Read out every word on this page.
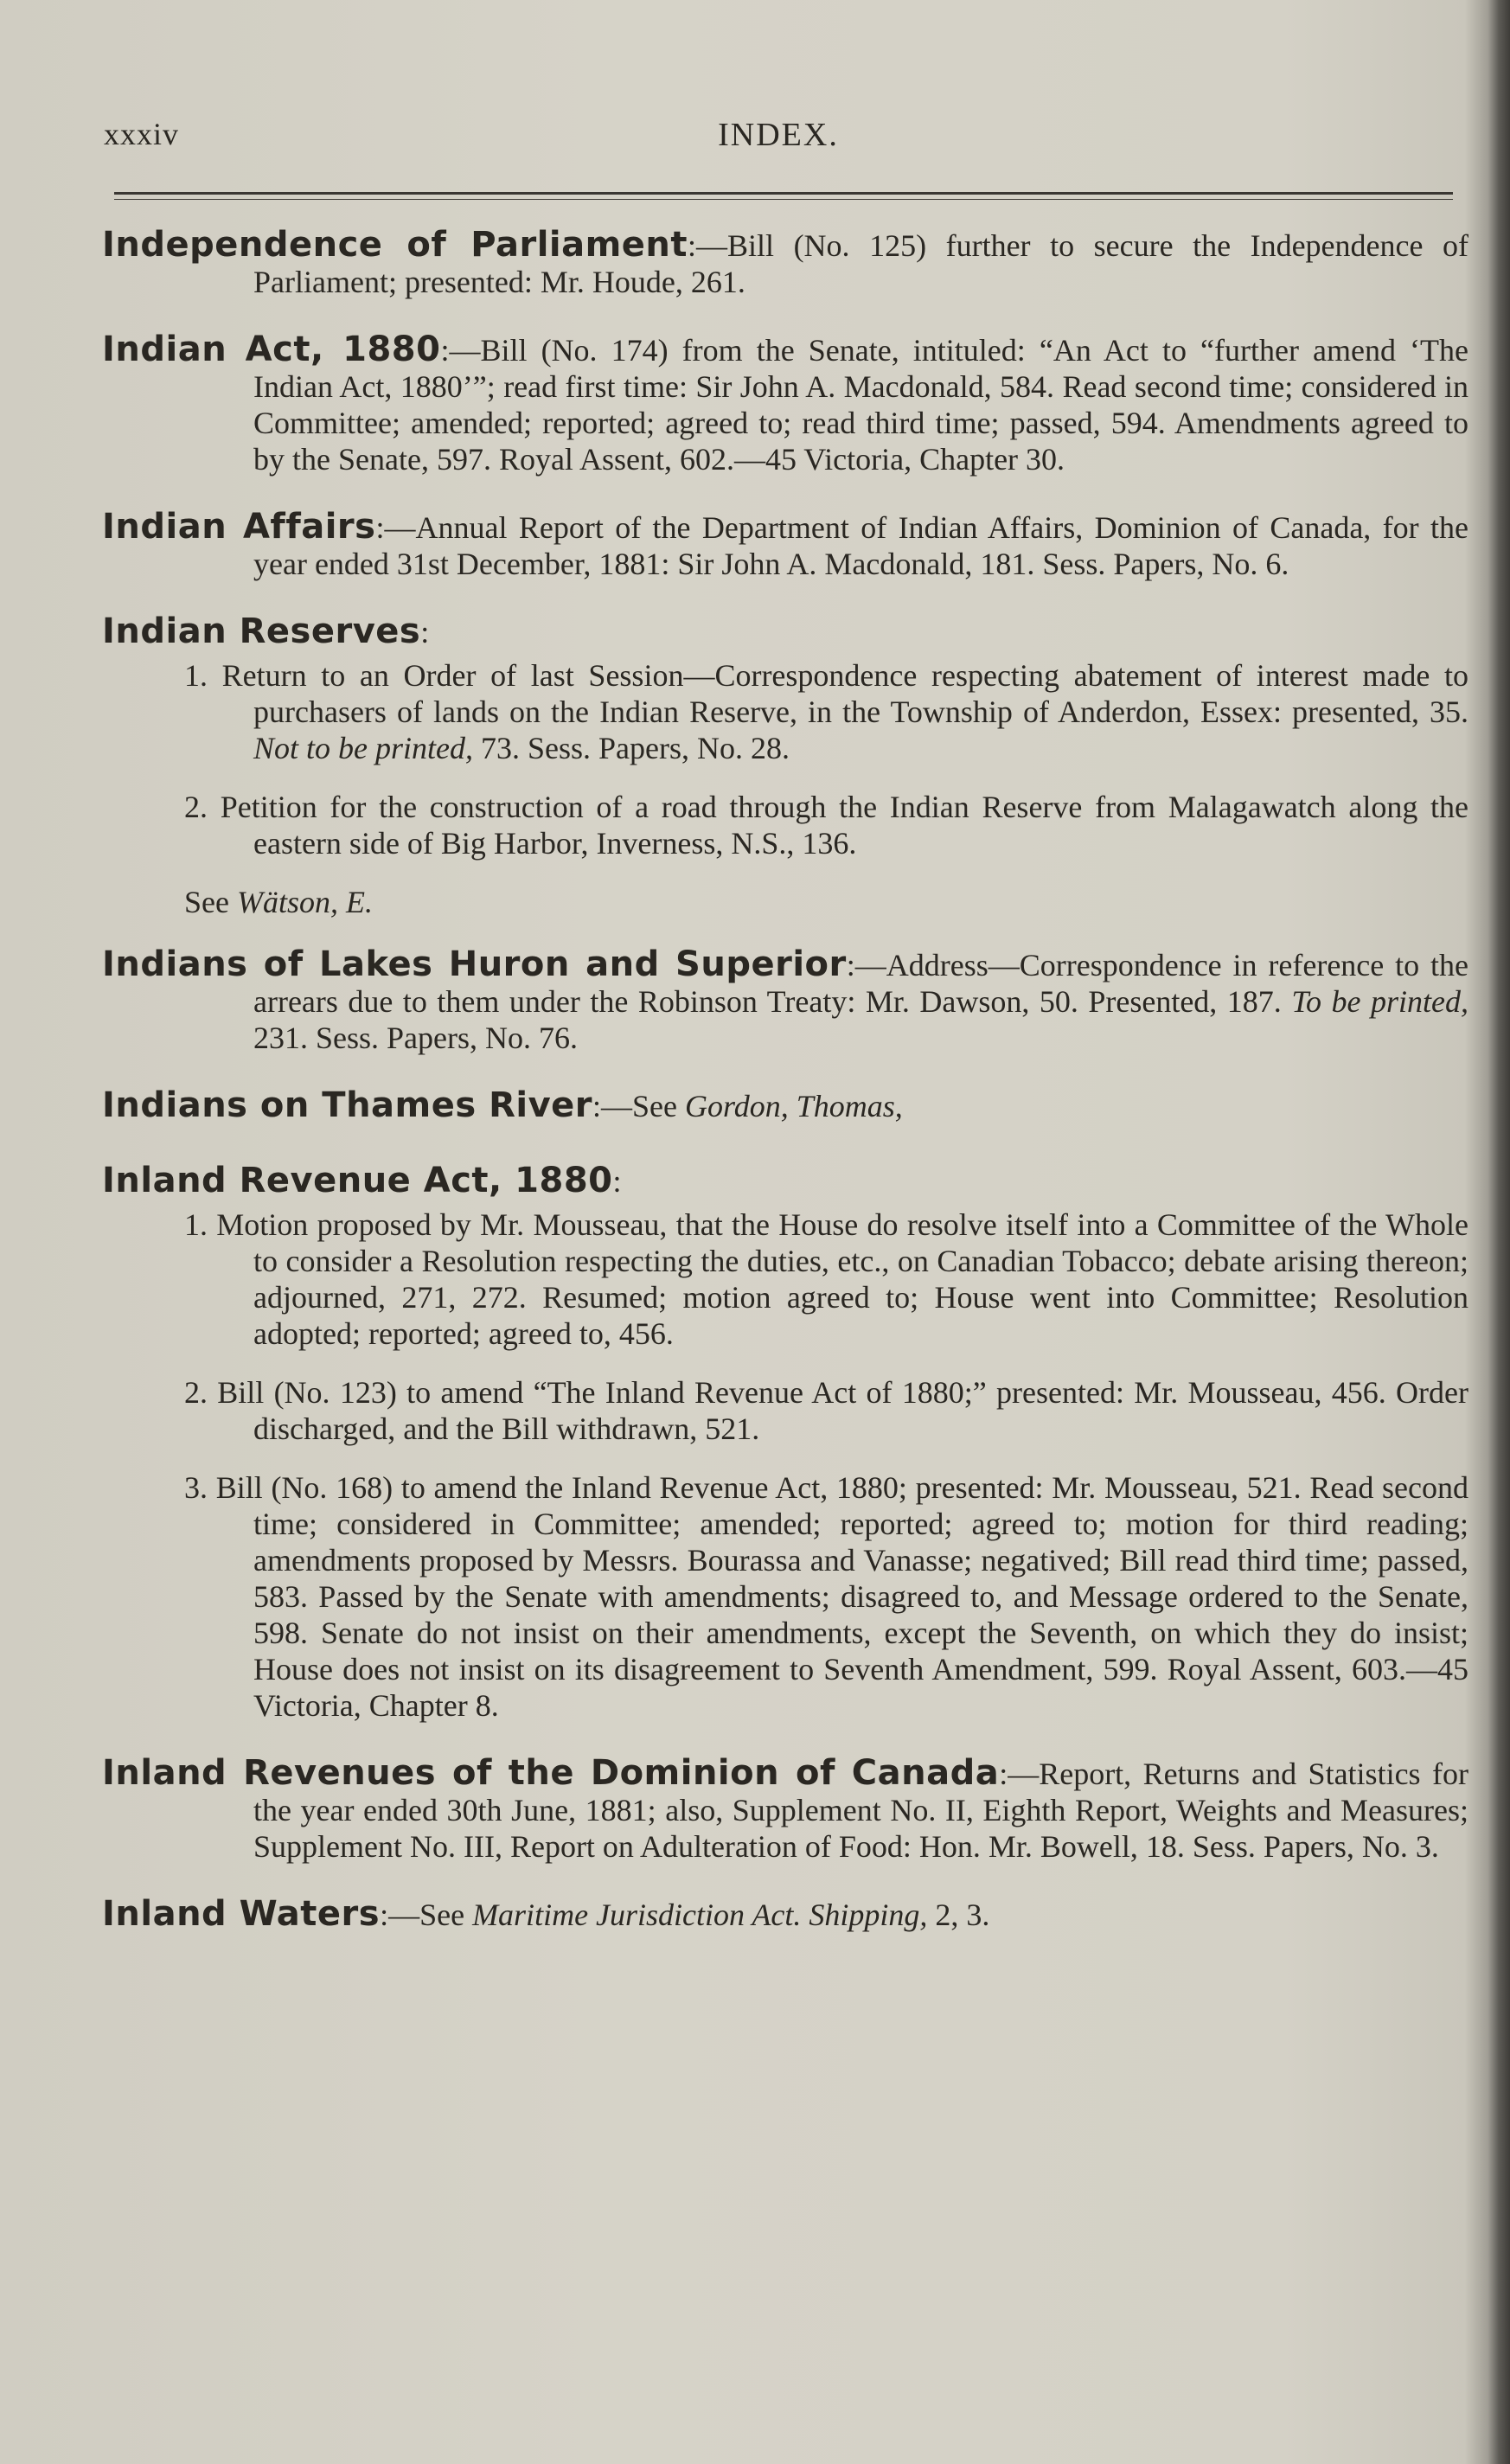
xxxiv	INDEX.
Independence of Parliament:—Bill (No. 125) further to secure the Independence of Parliament; presented: Mr. Houde, 261.
Indian Act, 1880:—Bill (No. 174) from the Senate, intituled: “An Act to “further amend ‘The Indian Act, 1880’”; read first time: Sir John A. Macdonald, 584. Read second time; considered in Committee; amended; reported; agreed to; read third time; passed, 594. Amendments agreed to by the Senate, 597. Royal Assent, 602.—45 Victoria, Chapter 30.
Indian Affairs:—Annual Report of the Department of Indian Affairs, Dominion of Canada, for the year ended 31st December, 1881: Sir John A. Macdonald, 181. Sess. Papers, No. 6.
Indian Reserves:
1. Return to an Order of last Session—Correspondence respecting abatement of interest made to purchasers of lands on the Indian Reserve, in the Township of Anderdon, Essex: presented, 35. Not to be printed, 73. Sess. Papers, No. 28.
2. Petition for the construction of a road through the Indian Reserve from Malagawatch along the eastern side of Big Harbor, Inverness, N.S., 136.
See Wätson, E.
Indians of Lakes Huron and Superior:—Address—Correspondence in reference to the arrears due to them under the Robinson Treaty: Mr. Dawson, 50. Presented, 187. To be printed, 231. Sess. Papers, No. 76.
Indians on Thames River:—See Gordon, Thomas,
Inland Revenue Act, 1880:
1. Motion proposed by Mr. Mousseau, that the House do resolve itself into a Committee of the Whole to consider a Resolution respecting the duties, etc., on Canadian Tobacco; debate arising thereon; adjourned, 271, 272. Resumed; motion agreed to; House went into Committee; Resolution adopted; reported; agreed to, 456.
2. Bill (No. 123) to amend “The Inland Revenue Act of 1880;” presented: Mr. Mousseau, 456. Order discharged, and the Bill withdrawn, 521.
3. Bill (No. 168) to amend the Inland Revenue Act, 1880; presented: Mr. Mousseau, 521. Read second time; considered in Committee; amended; reported; agreed to; motion for third reading; amendments proposed by Messrs. Bourassa and Vanasse; negatived; Bill read third time; passed, 583. Passed by the Senate with amendments; disagreed to, and Message ordered to the Senate, 598. Senate do not insist on their amendments, except the Seventh, on which they do insist; House does not insist on its disagreement to Seventh Amendment, 599. Royal Assent, 603.—45 Victoria, Chapter 8.
Inland Revenues of the Dominion of Canada:—Report, Returns and Statistics for the year ended 30th June, 1881; also, Supplement No. II, Eighth Report, Weights and Measures; Supplement No. III, Report on Adulteration of Food: Hon. Mr. Bowell, 18. Sess. Papers, No. 3.
Inland Waters:—See Maritime Jurisdiction Act. Shipping, 2, 3.
